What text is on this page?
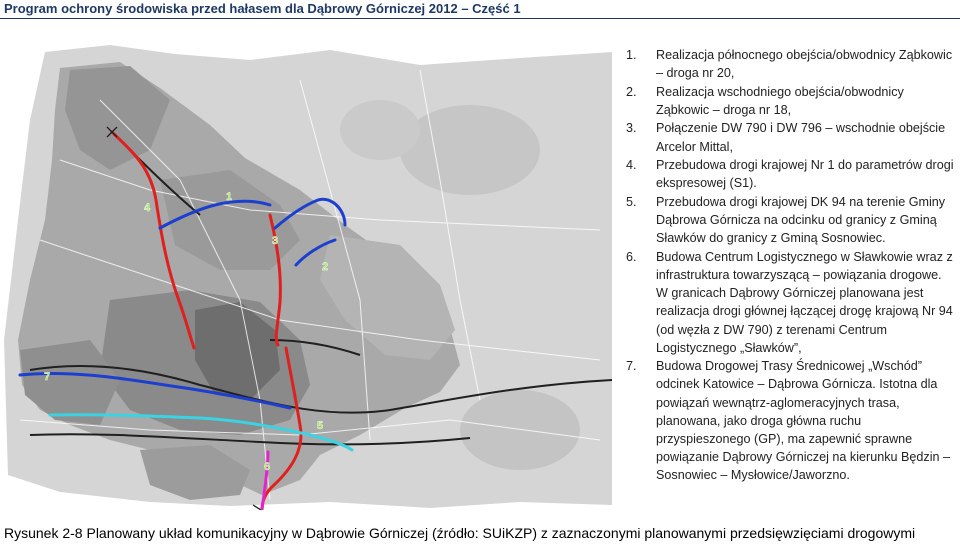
Program ochrony środowiska przed hałasem dla Dąbrowy Górniczej 2012 – Część 1
1
2
3
4
5
6
7
1.	Realizacja północnego obejścia/obwodnicy Ząbkowic – droga nr 20,
2.	Realizacja wschodniego obejścia/obwodnicy Ząbkowic – droga nr 18,
3.	Połączenie DW 790 i DW 796 – wschodnie obejście Arcelor Mittal,
4.	Przebudowa drogi krajowej Nr 1 do parametrów drogi ekspresowej (S1).
5.	Przebudowa drogi krajowej DK 94 na terenie Gminy Dąbrowa Górnicza na odcinku od granicy z Gminą Sławków do granicy z Gminą Sosnowiec.
6.	Budowa Centrum Logistycznego w Sławkowie wraz z infrastruktura towarzyszącą – powiązania drogowe. W granicach Dąbrowy Górniczej planowana jest realizacja drogi głównej łączącej drogę krajową Nr 94 (od węzła z DW 790) z terenami Centrum Logistycznego „Sławków”,
7.	Budowa Drogowej Trasy Średnicowej „Wschód” odcinek Katowice – Dąbrowa Górnicza. Istotna dla powiązań wewnątrz-aglomeracyjnych trasa, planowana, jako droga główna ruchu przyspieszonego (GP), ma zapewnić sprawne powiązanie Dąbrowy Górniczej na kierunku Będzin – Sosnowiec – Mysłowice/Jaworzno.
Rysunek 2-8 Planowany układ komunikacyjny w Dąbrowie Górniczej (źródło: SUiKZP) z zaznaczonymi planowanymi przedsięwzięciami drogowymi
